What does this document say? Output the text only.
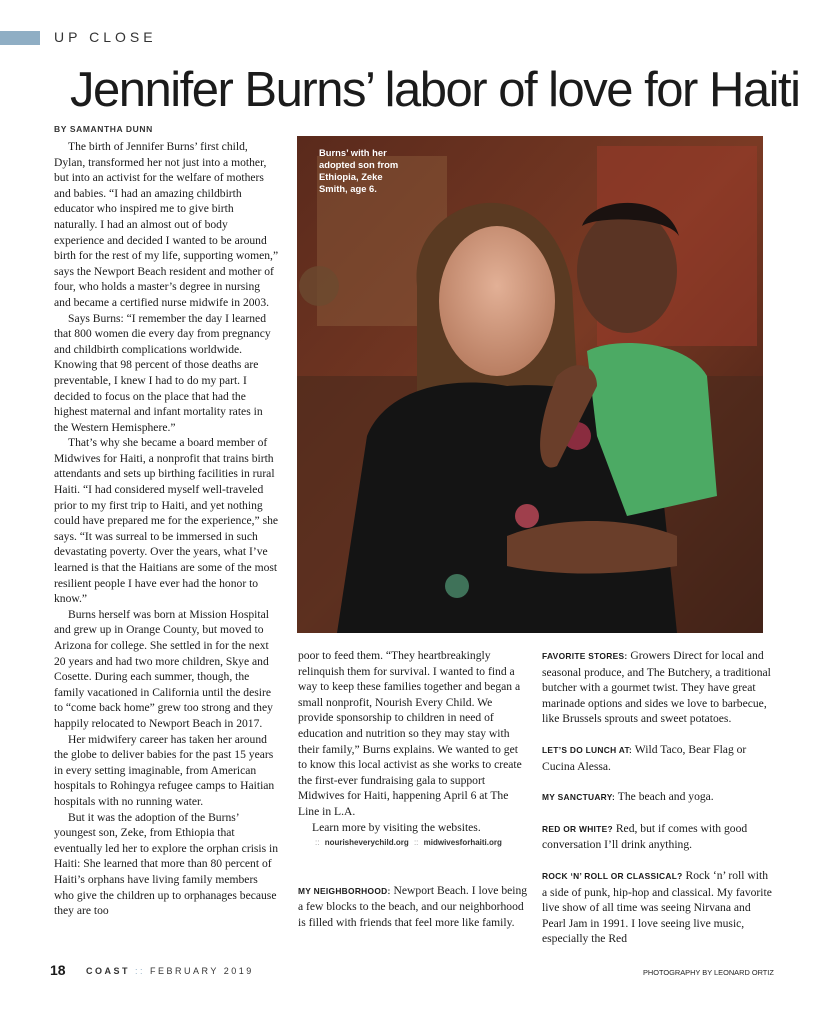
UP CLOSE
Jennifer Burns’ labor of love for Haiti
BY SAMANTHA DUNN

The birth of Jennifer Burns’ first child, Dylan, transformed her not just into a mother, but into an activist for the welfare of mothers and babies. “I had an amazing childbirth educator who inspired me to give birth naturally. I had an almost out of body experience and decided I wanted to be around birth for the rest of my life, supporting women,” says the Newport Beach resident and mother of four, who holds a master’s degree in nursing and became a certified nurse midwife in 2003.

Says Burns: “I remember the day I learned that 800 women die every day from pregnancy and childbirth complications worldwide. Knowing that 98 percent of those deaths are preventable, I knew I had to do my part. I decided to focus on the place that had the highest maternal and infant mortality rates in the Western Hemisphere.”

That’s why she became a board member of Midwives for Haiti, a nonprofit that trains birth attendants and sets up birthing facilities in rural Haiti. “I had considered myself well-traveled prior to my first trip to Haiti, and yet nothing could have prepared me for the experience,” she says. “It was surreal to be immersed in such devastating poverty. Over the years, what I’ve learned is that the Haitians are some of the most resilient people I have ever had the honor to know.”

Burns herself was born at Mission Hospital and grew up in Orange County, but moved to Arizona for college. She settled in for the next 20 years and had two more children, Skye and Cosette. During each summer, though, the family vacationed in California until the desire to “come back home” grew too strong and they happily relocated to Newport Beach in 2017.

Her midwifery career has taken her around the globe to deliver babies for the past 15 years in every setting imaginable, from American hospitals to Rohingya refugee camps to Haitian hospitals with no running water.

But it was the adoption of the Burns’ youngest son, Zeke, from Ethiopia that eventually led her to explore the orphan crisis in Haiti: She learned that more than 80 percent of Haiti’s orphans have living family members who give the children up to orphanages because they are too

Burns’ with her adopted son from Ethiopia, Zeke Smith, age 6.

poor to feed them. “They heartbreakingly relinquish them for survival. I wanted to find a way to keep these families together and began a small nonprofit, Nourish Every Child. We provide sponsorship to children in need of education and nutrition so they may stay with their family,” Burns explains. We wanted to get to know this local activist as she works to create the first-ever fundraising gala to support Midwives for Haiti, happening April 6 at The Line in L.A.

Learn more by visiting the websites.

:: nourisheverychild.org :: midwivesforhaiti.org

MY NEIGHBORHOOD: Newport Beach. I love being a few blocks to the beach, and our neighborhood is filled with friends that feel more like family.

FAVORITE STORES: Growers Direct for local and seasonal produce, and The Butchery, a traditional butcher with a gourmet twist. They have great marinade options and sides we love to barbecue, like Brussels sprouts and sweet potatoes.

LET’S DO LUNCH AT: Wild Taco, Bear Flag or Cucina Alessa.

MY SANCTUARY: The beach and yoga.

RED OR WHITE? Red, but if comes with good conversation I’ll drink anything.

ROCK ‘N’ ROLL OR CLASSICAL? Rock ‘n’ roll with a side of punk, hip-hop and classical. My favorite live show of all time was seeing Nirvana and Pearl Jam in 1991. I love seeing live music, especially the Red

18 COAST :: FEBRUARY 2019	PHOTOGRAPHY BY LEONARD ORTIZ
